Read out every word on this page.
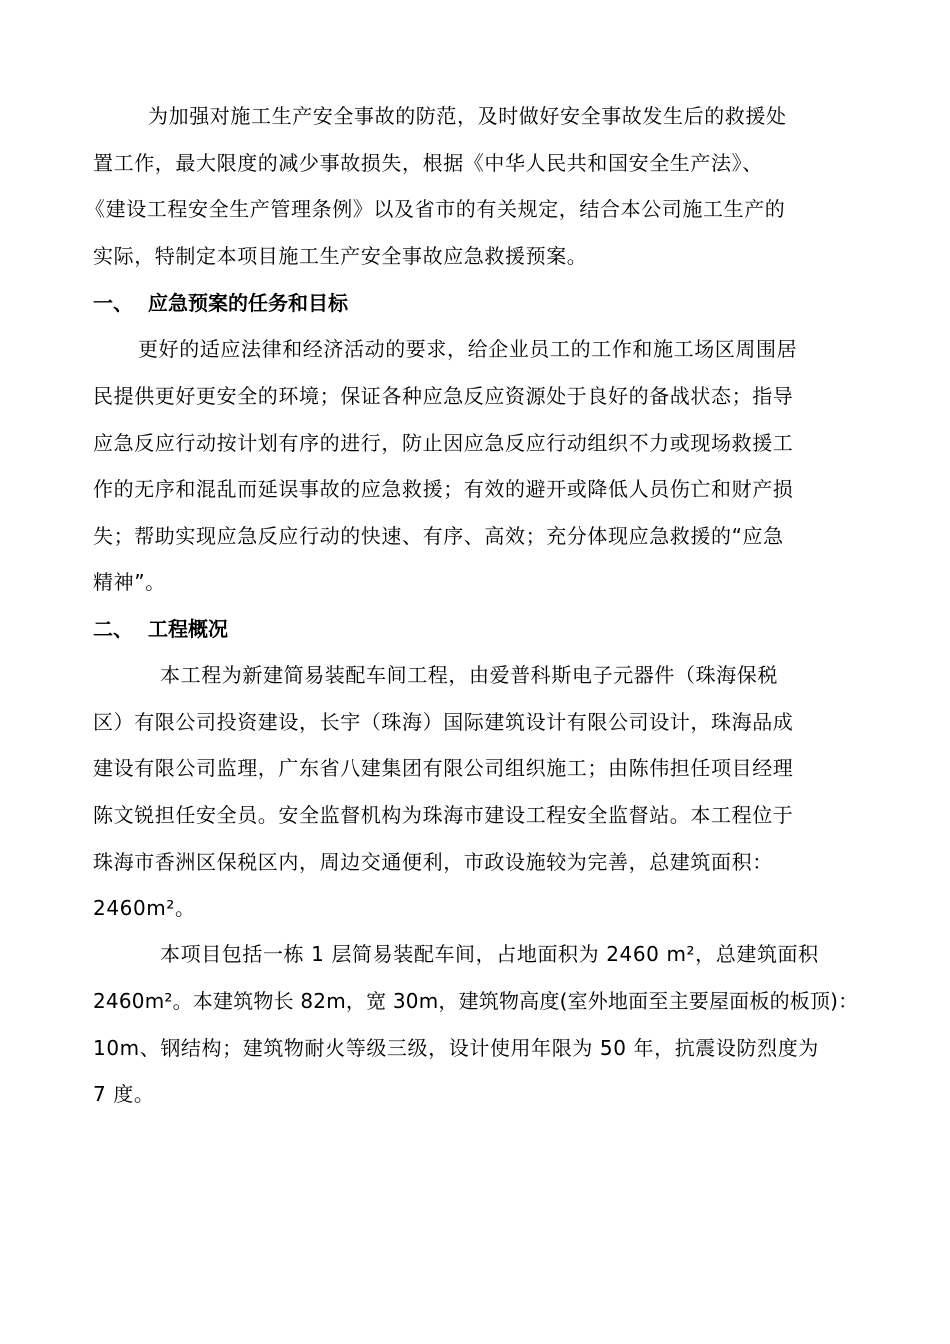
为加强对施工生产安全事故的防范，及时做好安全事故发生后的救援处
置工作，最大限度的减少事故损失，根据《中华人民共和国安全生产法》、
《建设工程安全生产管理条例》以及省市的有关规定，结合本公司施工生产的
实际，特制定本项目施工生产安全事故应急救援预案。
一、 应急预案的任务和目标
更好的适应法律和经济活动的要求，给企业员工的工作和施工场区周围居
民提供更好更安全的环境；保证各种应急反应资源处于良好的备战状态；指导
应急反应行动按计划有序的进行，防止因应急反应行动组织不力或现场救援工
作的无序和混乱而延误事故的应急救援；有效的避开或降低人员伤亡和财产损
失；帮助实现应急反应行动的快速、有序、高效；充分体现应急救援的“应急
精神”。
二、 工程概况
本工程为新建简易装配车间工程，由爱普科斯电子元器件（珠海保税
区）有限公司投资建设，长宇（珠海）国际建筑设计有限公司设计，珠海品成
建设有限公司监理，广东省八建集团有限公司组织施工；由陈伟担任项目经理
陈文锐担任安全员。安全监督机构为珠海市建设工程安全监督站。本工程位于
珠海市香洲区保税区内，周边交通便利，市政设施较为完善，总建筑面积：
2460m²。
本项目包括一栋 1 层简易装配车间，占地面积为 2460 m²，总建筑面积
2460m²。本建筑物长 82m，宽 30m，建筑物高度(室外地面至主要屋面板的板顶)：
10m、钢结构；建筑物耐火等级三级，设计使用年限为 50 年，抗震设防烈度为
7 度。
